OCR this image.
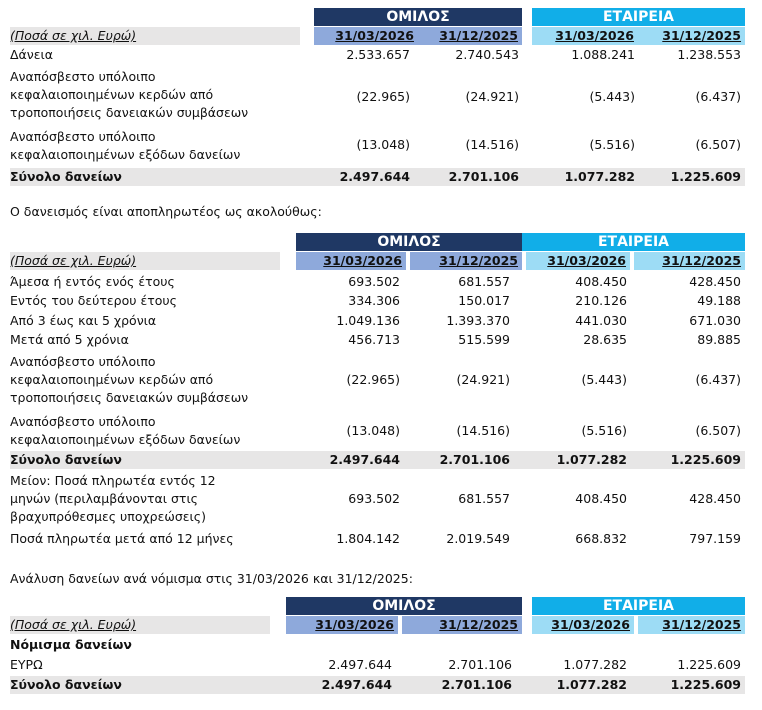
ΟΜΙΛΟΣ	ΕΤΑΙΡΕΙΑ
(Ποσά σε χιλ. Ευρώ)	31/03/2026	31/12/2025	31/03/2026	31/12/2025
Δάνεια	2.533.657	2.740.543	1.088.241	1.238.553
Αναπόσβεστο υπόλοιπο
κεφαλαιοποιημένων κερδών από
τροποποιήσεις δανειακών συμβάσεων
(22.965)	(24.921)	(5.443)	(6.437)
Αναπόσβεστο υπόλοιπο
κεφαλαιοποιημένων εξόδων δανείων
(13.048)	(14.516)	(5.516)	(6.507)
Σύνολο δανείων	2.497.644	2.701.106	1.077.282	1.225.609
Ο δανεισμός είναι αποπληρωτέος ως ακολούθως:
ΟΜΙΛΟΣ	ΕΤΑΙΡΕΙΑ
(Ποσά σε χιλ. Ευρώ)	31/03/2026	31/12/2025	31/03/2026	31/12/2025
Άμεσα ή εντός ενός έτους	693.502	681.557	408.450	428.450
Εντός του δεύτερου έτους	334.306	150.017	210.126	49.188
Από 3 έως και 5 χρόνια	1.049.136	1.393.370	441.030	671.030
Μετά από 5 χρόνια	456.713	515.599	28.635	89.885
Αναπόσβεστο υπόλοιπο
κεφαλαιοποιημένων κερδών από
τροποποιήσεις δανειακών συμβάσεων
(22.965)	(24.921)	(5.443)	(6.437)
Αναπόσβεστο υπόλοιπο
κεφαλαιοποιημένων εξόδων δανείων
(13.048)	(14.516)	(5.516)	(6.507)
Σύνολο δανείων	2.497.644	2.701.106	1.077.282	1.225.609
Μείον: Ποσά πληρωτέα εντός 12
μηνών (περιλαμβάνονται στις
βραχυπρόθεσμες υποχρεώσεις)
693.502	681.557	408.450	428.450
Ποσά πληρωτέα μετά από 12 μήνες	1.804.142	2.019.549	668.832	797.159
Ανάλυση δανείων ανά νόμισμα στις 31/03/2026 και 31/12/2025:
ΟΜΙΛΟΣ	ΕΤΑΙΡΕΙΑ
(Ποσά σε χιλ. Ευρώ)	31/03/2026	31/12/2025	31/03/2026	31/12/2025
Νόμισμα δανείων
ΕΥΡΩ	2.497.644	2.701.106	1.077.282	1.225.609
Σύνολο δανείων	2.497.644	2.701.106	1.077.282	1.225.609
